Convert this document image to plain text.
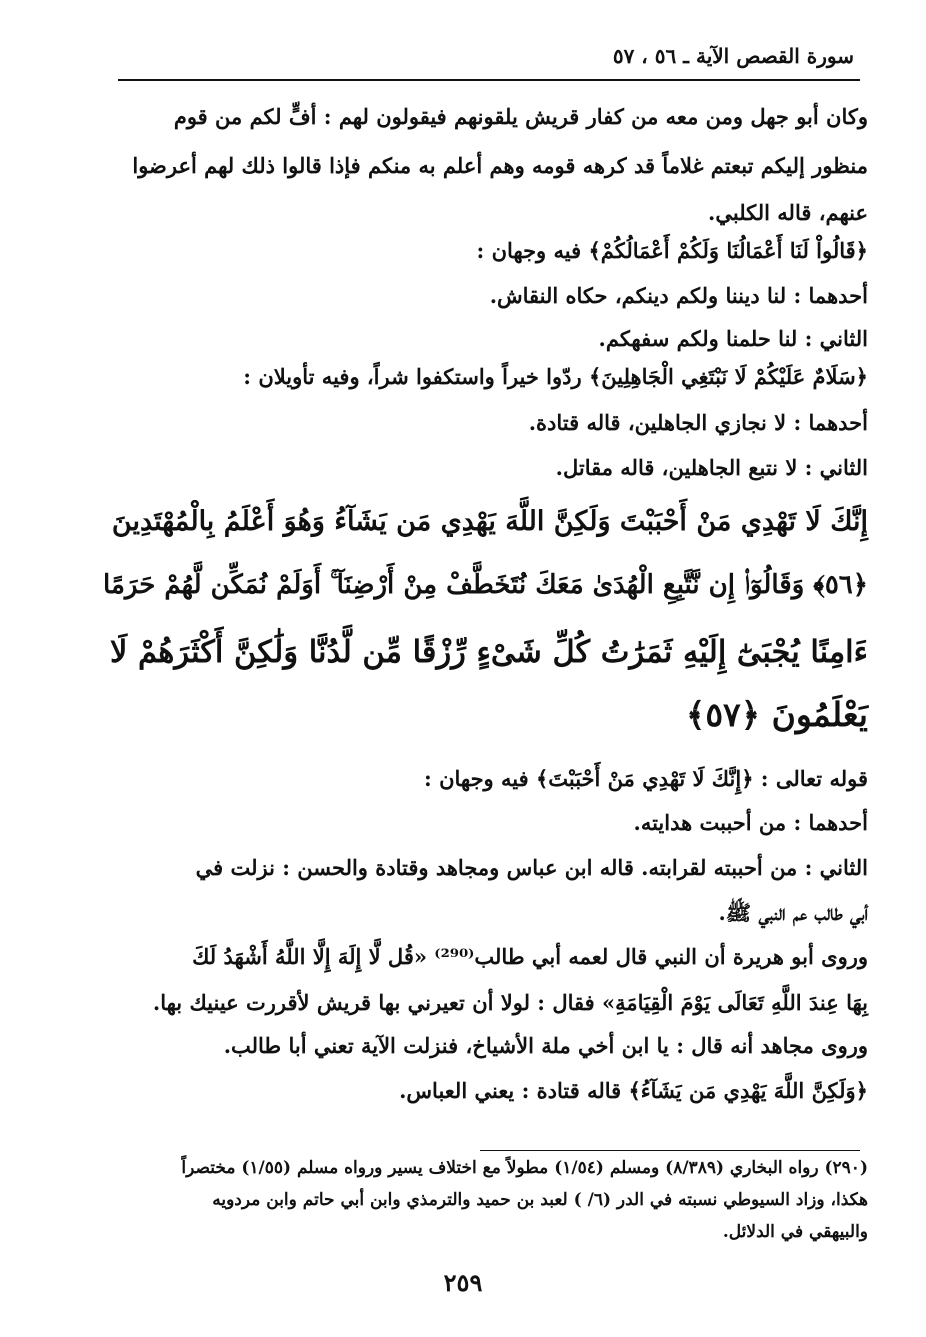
سورة القصص الآية ـ ٥٦ ، ٥٧
وكان أبو جهل ومن معه من كفار قريش يلقونهم فيقولون لهم : أفٍّ لكم من قوم
منظور إليكم تبعتم غلاماً قد كرهه قومه وهم أعلم به منكم فإذا قالوا ذلك لهم أعرضوا
عنهم، قاله الكلبي.
﴿قَالُواْ لَنَا أَعْمَالُنَا وَلَكُمْ أَعْمَالُكُمْ﴾ فيه وجهان :
أحدهما : لنا ديننا ولكم دينكم، حكاه النقاش.
الثاني : لنا حلمنا ولكم سفهكم.
﴿سَلَامٌ عَلَيْكُمْ لَا نَبْتَغِي الْجَاهِلِينَ﴾ ردّوا خيراً واستكفوا شراً، وفيه تأويلان :
أحدهما : لا نجازي الجاهلين، قاله قتادة.
الثاني : لا نتبع الجاهلين، قاله مقاتل.
إِنَّكَ لَا تَهْدِي مَنْ أَحْبَبْتَ وَلَكِنَّ اللَّهَ يَهْدِي مَن يَشَآءُ وَهُوَ أَعْلَمُ بِالْمُهْتَدِينَ
﴿٥٦﴾ وَقَالُوٓا۟ إِن نَّتَّبِعِ الْهُدَىٰ مَعَكَ نُتَخَطَّفْ مِنْ أَرْضِنَآ ۚ أَوَلَمْ نُمَكِّن لَّهُمْ حَرَمًا
ءَامِنًا يُجْبَىٰٓ إِلَيْهِ ثَمَرَٰتُ كُلِّ شَىْءٍ رِّزْقًا مِّن لَّدُنَّا وَلَٰكِنَّ أَكْثَرَهُمْ لَا
يَعْلَمُونَ ﴿٥٧﴾
قوله تعالى : ﴿إِنَّكَ لَا تَهْدِي مَنْ أَحْبَبْتَ﴾ فيه وجهان :
أحدهما : من أحببت هدايته.
الثاني : من أحببته لقرابته. قاله ابن عباس ومجاهد وقتادة والحسن : نزلت في
أبي طالب عم النبي ﷺ.
وروى أبو هريرة أن النبي قال لعمه أبي طالب⁽²⁹⁰⁾ «قُل لَّا إِلَهَ إِلَّا اللَّهُ أَشْهَدُ لَكَ
بِهَا عِندَ اللَّهِ تَعَالَى يَوْمَ الْقِيَامَةِ» فقال : لولا أن تعيرني بها قريش لأقررت عينيك بها.
وروى مجاهد أنه قال : يا ابن أخي ملة الأشياخ، فنزلت الآية تعني أبا طالب.
﴿وَلَكِنَّ اللَّهَ يَهْدِي مَن يَشَآءُ﴾ قاله قتادة : يعني العباس.
(٢٩٠) رواه البخاري (٨/٣٨٩) ومسلم (١/٥٤) مطولاً مع اختلاف يسير ورواه مسلم (١/٥٥) مختصراً
هكذا، وزاد السيوطي نسبته في الدر (٦/ ) لعبد بن حميد والترمذي وابن أبي حاتم وابن مردويه
والبيهقي في الدلائل.
٢٥٩
